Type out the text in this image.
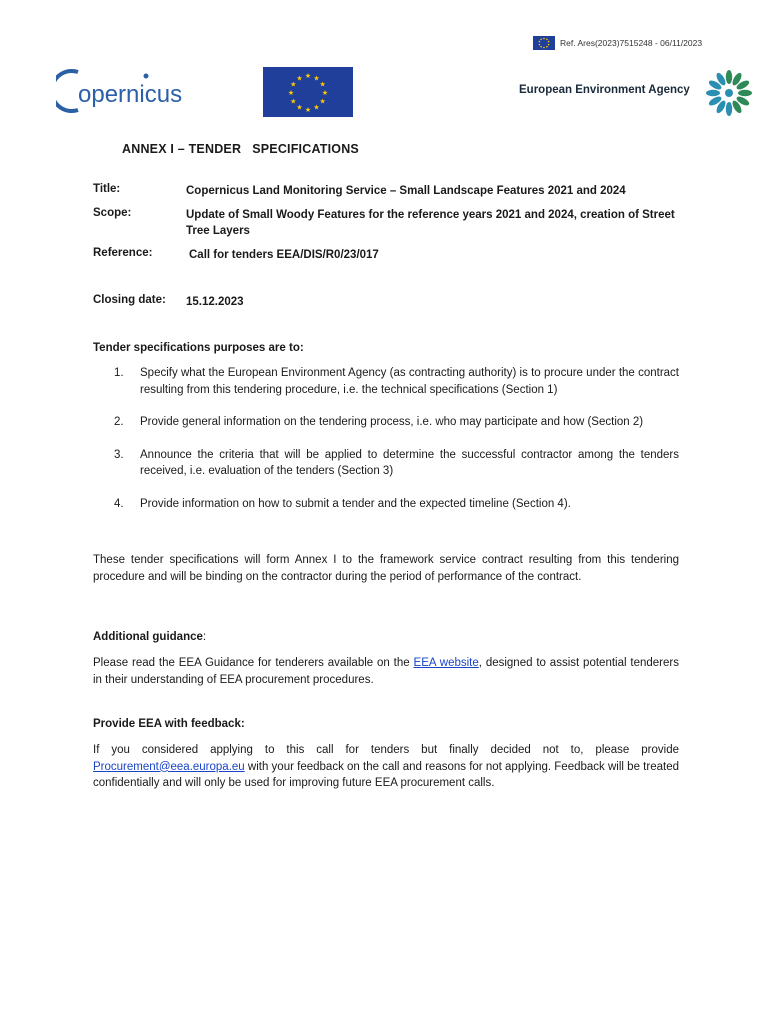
Ref. Ares(2023)7515248 - 06/11/2023
opernicus
★ ★
★
★
★
★
★
★
★
★
★
★
European Environment Agency
ANNEX I – TENDER   SPECIFICATIONS
Title:	Copernicus Land Monitoring Service – Small Landscape Features 2021 and 2024
Scope:	Update of Small Woody Features for the reference years 2021 and 2024, creation of Street Tree Layers
Reference:	Call for tenders EEA/DIS/R0/23/017
Closing date:	15.12.2023
Tender specifications purposes are to:
1.	Specify what the European Environment Agency (as contracting authority) is to procure under the contract resulting from this tendering procedure, i.e. the technical specifications (Section 1)
2.	Provide general information on the tendering process, i.e. who may participate and how (Section 2)
3.	Announce the criteria that will be applied to determine the successful contractor among the tenders received, i.e. evaluation of the tenders (Section 3)
4.	Provide information on how to submit a tender and the expected timeline (Section 4).
These tender specifications will form Annex I to the framework service contract resulting from this tendering procedure and will be binding on the contractor during the period of performance of the contract.
Additional guidance:
Please read the EEA Guidance for tenderers available on the EEA website, designed to assist potential tenderers in their understanding of EEA procurement procedures.
Provide EEA with feedback:
If you considered applying to this call for tenders but finally decided not to, please provide Procurement@eea.europa.eu with your feedback on the call and reasons for not applying. Feedback will be treated confidentially and will only be used for improving future EEA procurement calls.
